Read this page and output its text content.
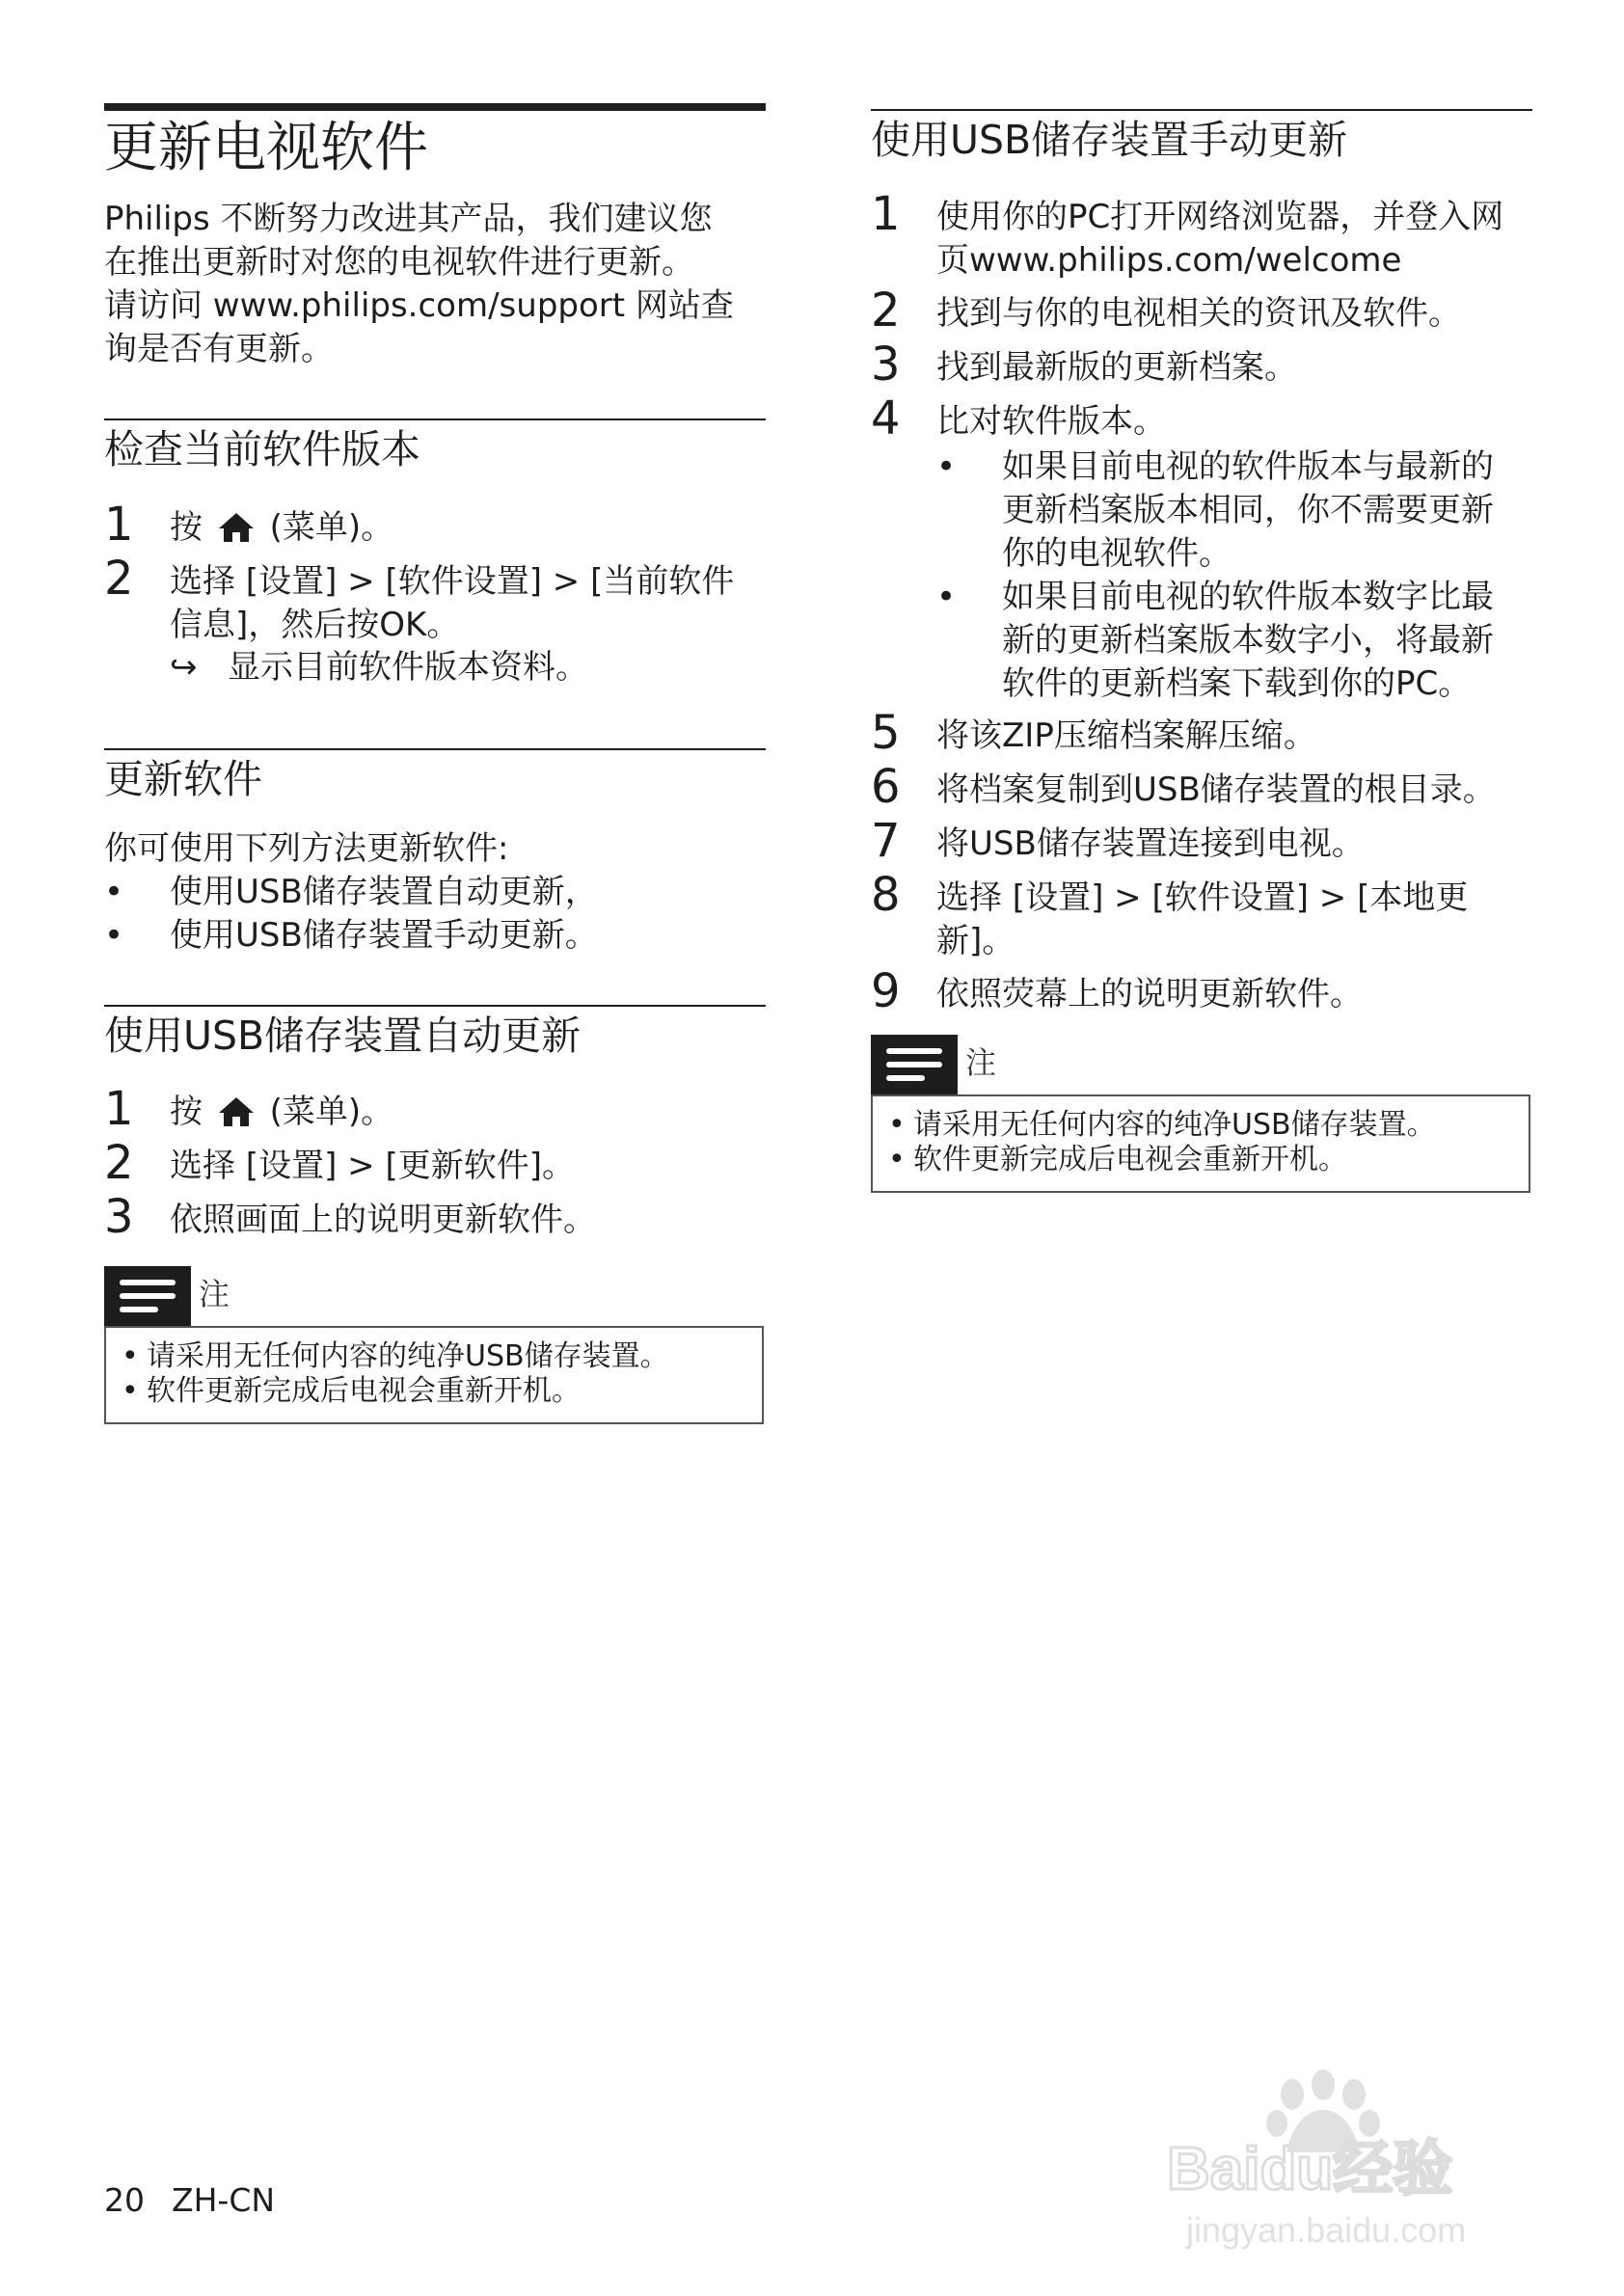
更新电视软件
Philips 不断努力改进其产品，我们建议您
在推出更新时对您的电视软件进行更新。
请访问 www.philips.com/support 网站查
询是否有更新。
检查当前软件版本
1 按 (菜单)。
2 选择 [设置] > [软件设置] > [当前软件
信息]，然后按OK。
↪ 显示目前软件版本资料。
更新软件
你可使用下列方法更新软件:
• 使用USB储存装置自动更新，
• 使用USB储存装置手动更新。
使用USB储存装置自动更新
1 按 (菜单)。
2 选择 [设置] > [更新软件]。
3 依照画面上的说明更新软件。
注
• 请采用无任何内容的纯净USB储存装置。
• 软件更新完成后电视会重新开机。
使用USB储存装置手动更新
1 使用你的PC打开网络浏览器，并登入网
页www.philips.com/welcome
2 找到与你的电视相关的资讯及软件。
3 找到最新版的更新档案。
4 比对软件版本。
• 如果目前电视的软件版本与最新的
更新档案版本相同，你不需要更新
你的电视软件。
• 如果目前电视的软件版本数字比最
新的更新档案版本数字小，将最新
软件的更新档案下载到你的PC。
5 将该ZIP压缩档案解压缩。
6 将档案复制到USB储存装置的根目录。
7 将USB储存装置连接到电视。
8 选择 [设置] > [软件设置] > [本地更
新]。
9 依照荧幕上的说明更新软件。
注
• 请采用无任何内容的纯净USB储存装置。
• 软件更新完成后电视会重新开机。
20 ZH-CN	Baidu经验
jingyan.baidu.com
